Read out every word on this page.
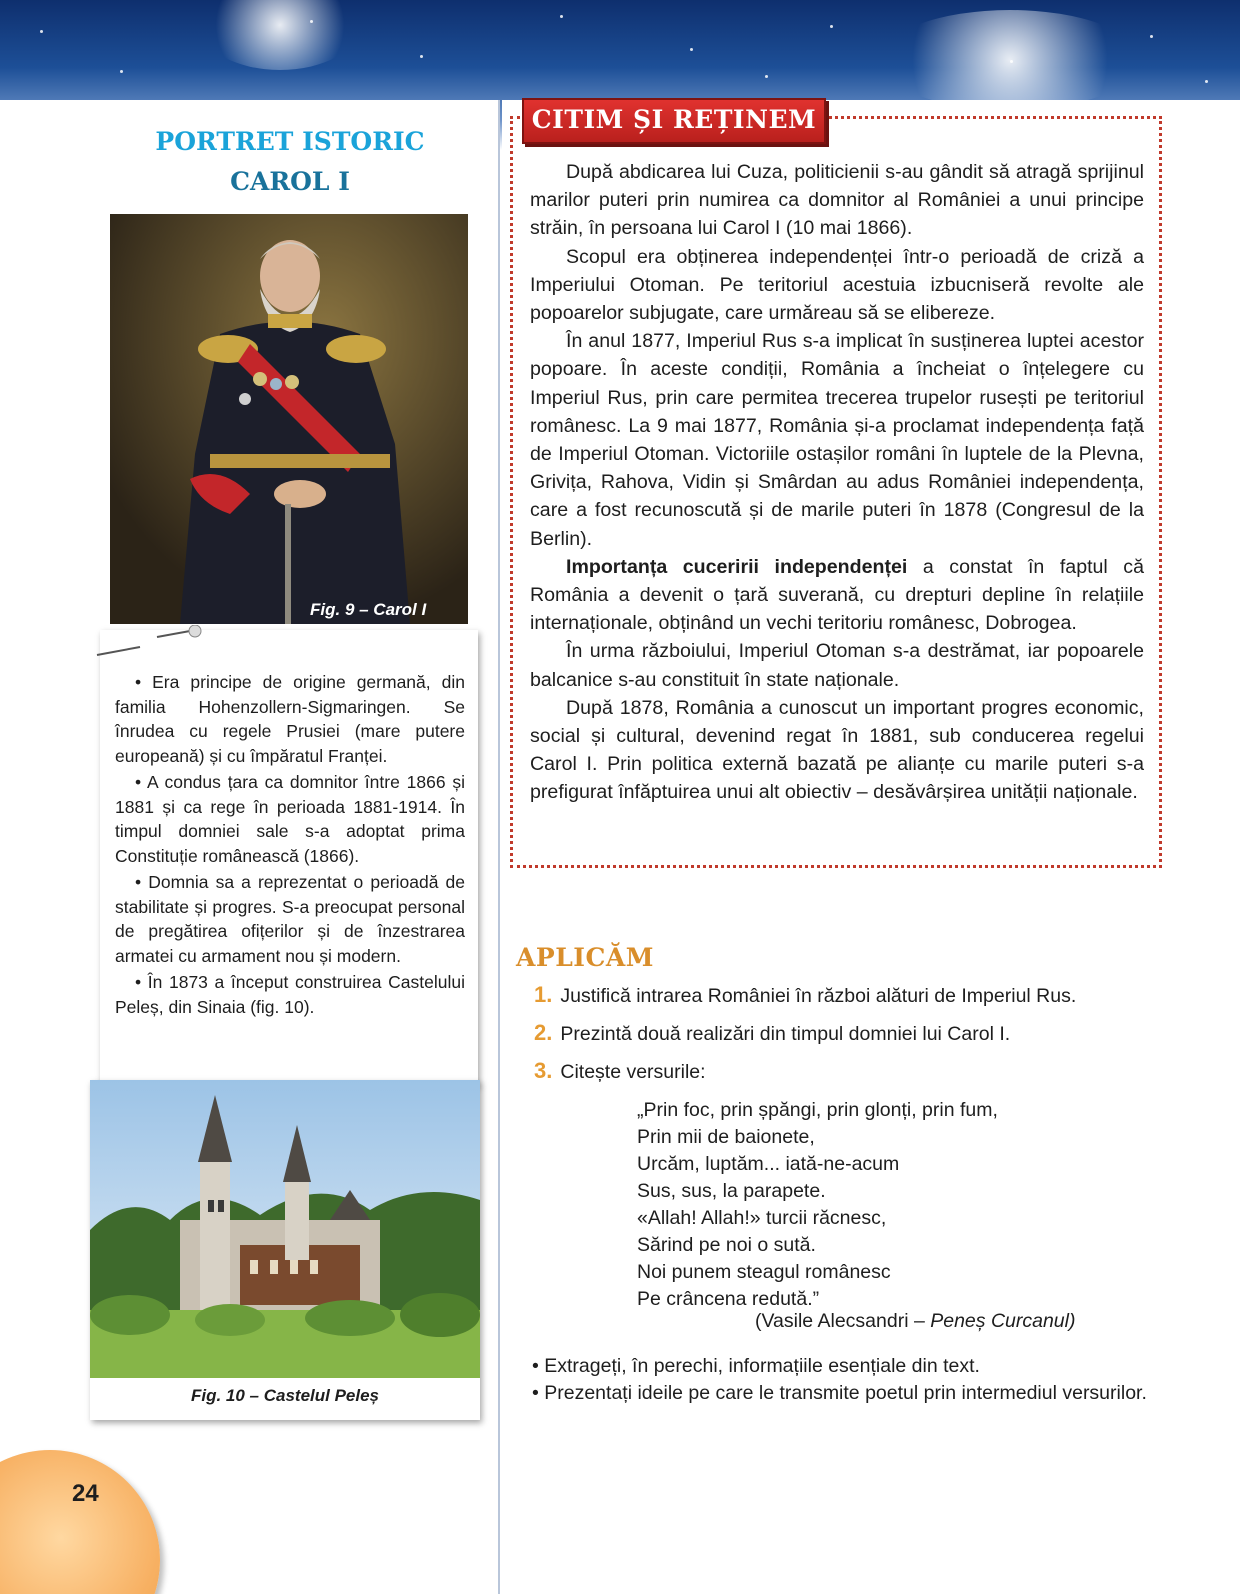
PORTRET ISTORIC
CAROL I
Fig. 9 – Carol I

• Era principe de origine germană, din familia Hohenzollern-Sigmaringen. Se înrudea cu regele Prusiei (mare putere europeană) și cu împăratul Franței.

• A condus țara ca domnitor între 1866 și 1881 și ca rege în perioada 1881-1914. În timpul domniei sale s-a adoptat prima Constituție românească (1866).

• Domnia sa a reprezentat o perioadă de stabilitate și progres. S-a preocupat personal de pregătirea ofițerilor și de înzestrarea armatei cu armament nou și modern.

• În 1873 a început construirea Castelului Peleș, din Sinaia (fig. 10).

Fig. 10 – Castelul Peleș
24
CITIM ȘI REȚINEM

După abdicarea lui Cuza, politicienii s-au gândit să atragă sprijinul marilor puteri prin numirea ca domnitor al României a unui principe străin, în persoana lui Carol I (10 mai 1866).

Scopul era obținerea independenței într-o perioadă de criză a Imperiului Otoman. Pe teritoriul acestuia izbucniseră revolte ale popoarelor subjugate, care urmăreau să se elibereze.

În anul 1877, Imperiul Rus s-a implicat în susținerea luptei acestor popoare. În aceste condiții, România a încheiat o înțelegere cu Imperiul Rus, prin care permitea trecerea trupelor rusești pe teritoriul românesc. La 9 mai 1877, România și-a proclamat independența față de Imperiul Otoman. Victoriile ostașilor români în luptele de la Plevna, Grivița, Rahova, Vidin și Smârdan au adus României independența, care a fost recunoscută și de marile puteri în 1878 (Congresul de la Berlin).

Importanța cuceririi independenței a constat în faptul că România a devenit o țară suverană, cu drepturi depline în relațiile internaționale, obținând un vechi teritoriu românesc, Dobrogea.

În urma războiului, Imperiul Otoman s-a destrămat, iar popoarele balcanice s-au constituit în state naționale.

După 1878, România a cunoscut un important progres economic, social și cultural, devenind regat în 1881, sub conducerea regelui Carol I. Prin politica externă bazată pe alianțe cu marile puteri s-a prefigurat înfăptuirea unui alt obiectiv – desăvârșirea unității naționale.

APLICĂM
1. Justifică intrarea României în război alături de Imperiul Rus.
2. Prezintă două realizări din timpul domniei lui Carol I.
3. Citește versurile:
„Prin foc, prin șpăngi, prin glonți, prin fum,
Prin mii de baionete,
Urcăm, luptăm... iată-ne-acum
Sus, sus, la parapete.
«Allah! Allah!» turcii răcnesc,
Sărind pe noi o sută.
Noi punem steagul românesc
Pe crâncena redută.”
(Vasile Alecsandri – Peneș Curcanul)

• Extrageți, în perechi, informațiile esențiale din text.

• Prezentați ideile pe care le transmite poetul prin intermediul versurilor.
